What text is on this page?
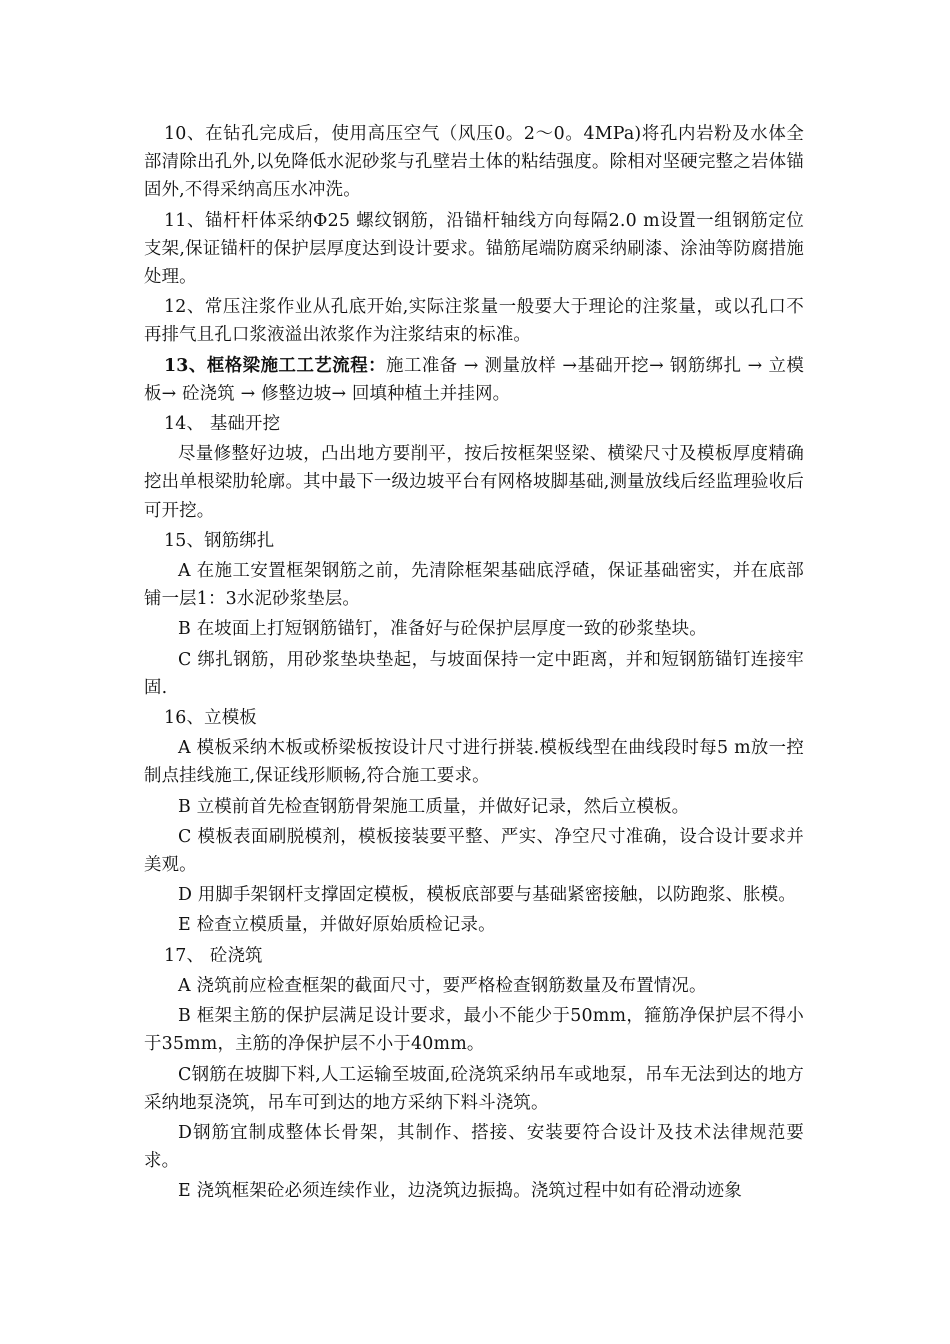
10、在钻孔完成后，使用高压空气（风压0。2～0。4MPa)将孔内岩粉及水体全部清除出孔外,以免降低水泥砂浆与孔壁岩土体的粘结强度。除相对坚硬完整之岩体锚固外,不得采纳高压水冲洗。

11、锚杆杆体采纳Φ25 螺纹钢筋，沿锚杆轴线方向每隔2.0 m设置一组钢筋定位支架,保证锚杆的保护层厚度达到设计要求。锚筋尾端防腐采纳刷漆、涂油等防腐措施处理。

12、常压注浆作业从孔底开始,实际注浆量一般要大于理论的注浆量，或以孔口不再排气且孔口浆液溢出浓浆作为注浆结束的标准。

13、框格梁施工工艺流程：施工准备 → 测量放样 →基础开挖→ 钢筋绑扎 → 立模板→ 砼浇筑 → 修整边坡→ 回填种植土并挂网。

14、 基础开挖

尽量修整好边坡，凸出地方要削平，按后按框架竖梁、横梁尺寸及模板厚度精确挖出单根梁肋轮廓。其中最下一级边坡平台有网格坡脚基础,测量放线后经监理验收后可开挖。

15、钢筋绑扎

A 在施工安置框架钢筋之前，先清除框架基础底浮碴，保证基础密实，并在底部铺一层1：3水泥砂浆垫层。

B 在坡面上打短钢筋锚钉，准备好与砼保护层厚度一致的砂浆垫块。

C 绑扎钢筋，用砂浆垫块垫起，与坡面保持一定中距离，并和短钢筋锚钉连接牢固.

16、立模板

A 模板采纳木板或桥梁板按设计尺寸进行拼装.模板线型在曲线段时每5 m放一控制点挂线施工,保证线形顺畅,符合施工要求。

B 立模前首先检查钢筋骨架施工质量，并做好记录，然后立模板。

C 模板表面刷脱模剂，模板接装要平整、严实、净空尺寸准确，设合设计要求并美观。

D 用脚手架钢杆支撑固定模板，模板底部要与基础紧密接触，以防跑浆、胀模。

E 检查立模质量，并做好原始质检记录。

17、 砼浇筑

A 浇筑前应检查框架的截面尺寸，要严格检查钢筋数量及布置情况。

B 框架主筋的保护层满足设计要求，最小不能少于50mm，箍筋净保护层不得小于35mm，主筋的净保护层不小于40mm。

C钢筋在坡脚下料,人工运输至坡面,砼浇筑采纳吊车或地泵，吊车无法到达的地方采纳地泵浇筑，吊车可到达的地方采纳下料斗浇筑。

D钢筋宜制成整体长骨架，其制作、搭接、安装要符合设计及技术法律规范要求。

E 浇筑框架砼必须连续作业，边浇筑边振捣。浇筑过程中如有砼滑动迹象
